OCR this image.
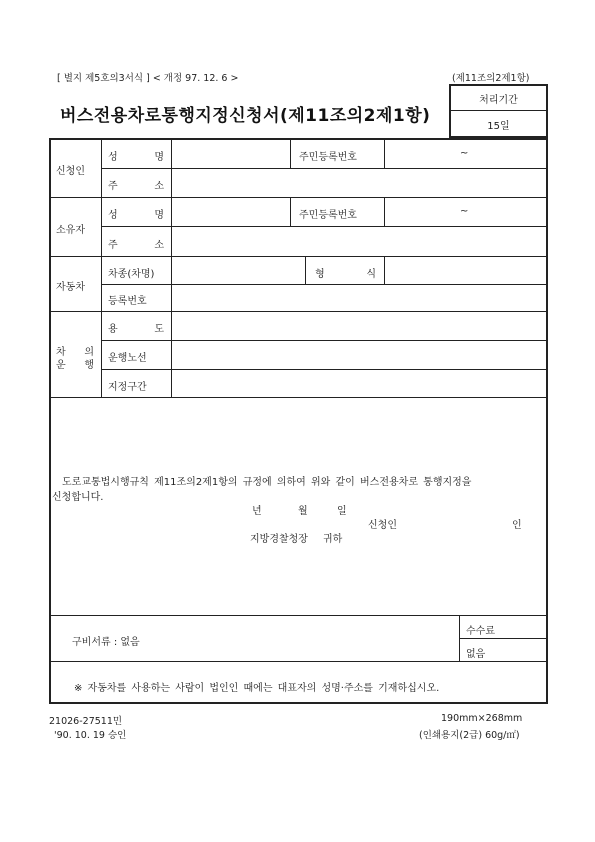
[ 별지 제5호의3서식 ] < 개정 97. 12. 6 >	(제11조의2제1항)
버스전용차로통행지정신청서(제11조의2제1항)
처리기간
15일
신청인
성	명	주민등록번호	~
주	소
소유자
성	명	주민등록번호	~
주	소
자동차
차종(차명)	형	식
등록번호
차 의
운 행
용	도
운행노선
지정구간
도로교통법시행규칙 제11조의2제1항의 규정에 의하여 위와 같이 버스전용차로 통행지정을
신청합니다.
년	월	일
신청인	인
지방경찰청장 귀하
구비서류 : 없음
수수료
없음
※ 자동차를 사용하는 사람이 법인인 때에는 대표자의 성명·주소를 기재하십시오.
21026-27511민
'90. 10. 19 승인
190mm×268mm
(인쇄용지(2급) 60g/㎡)
